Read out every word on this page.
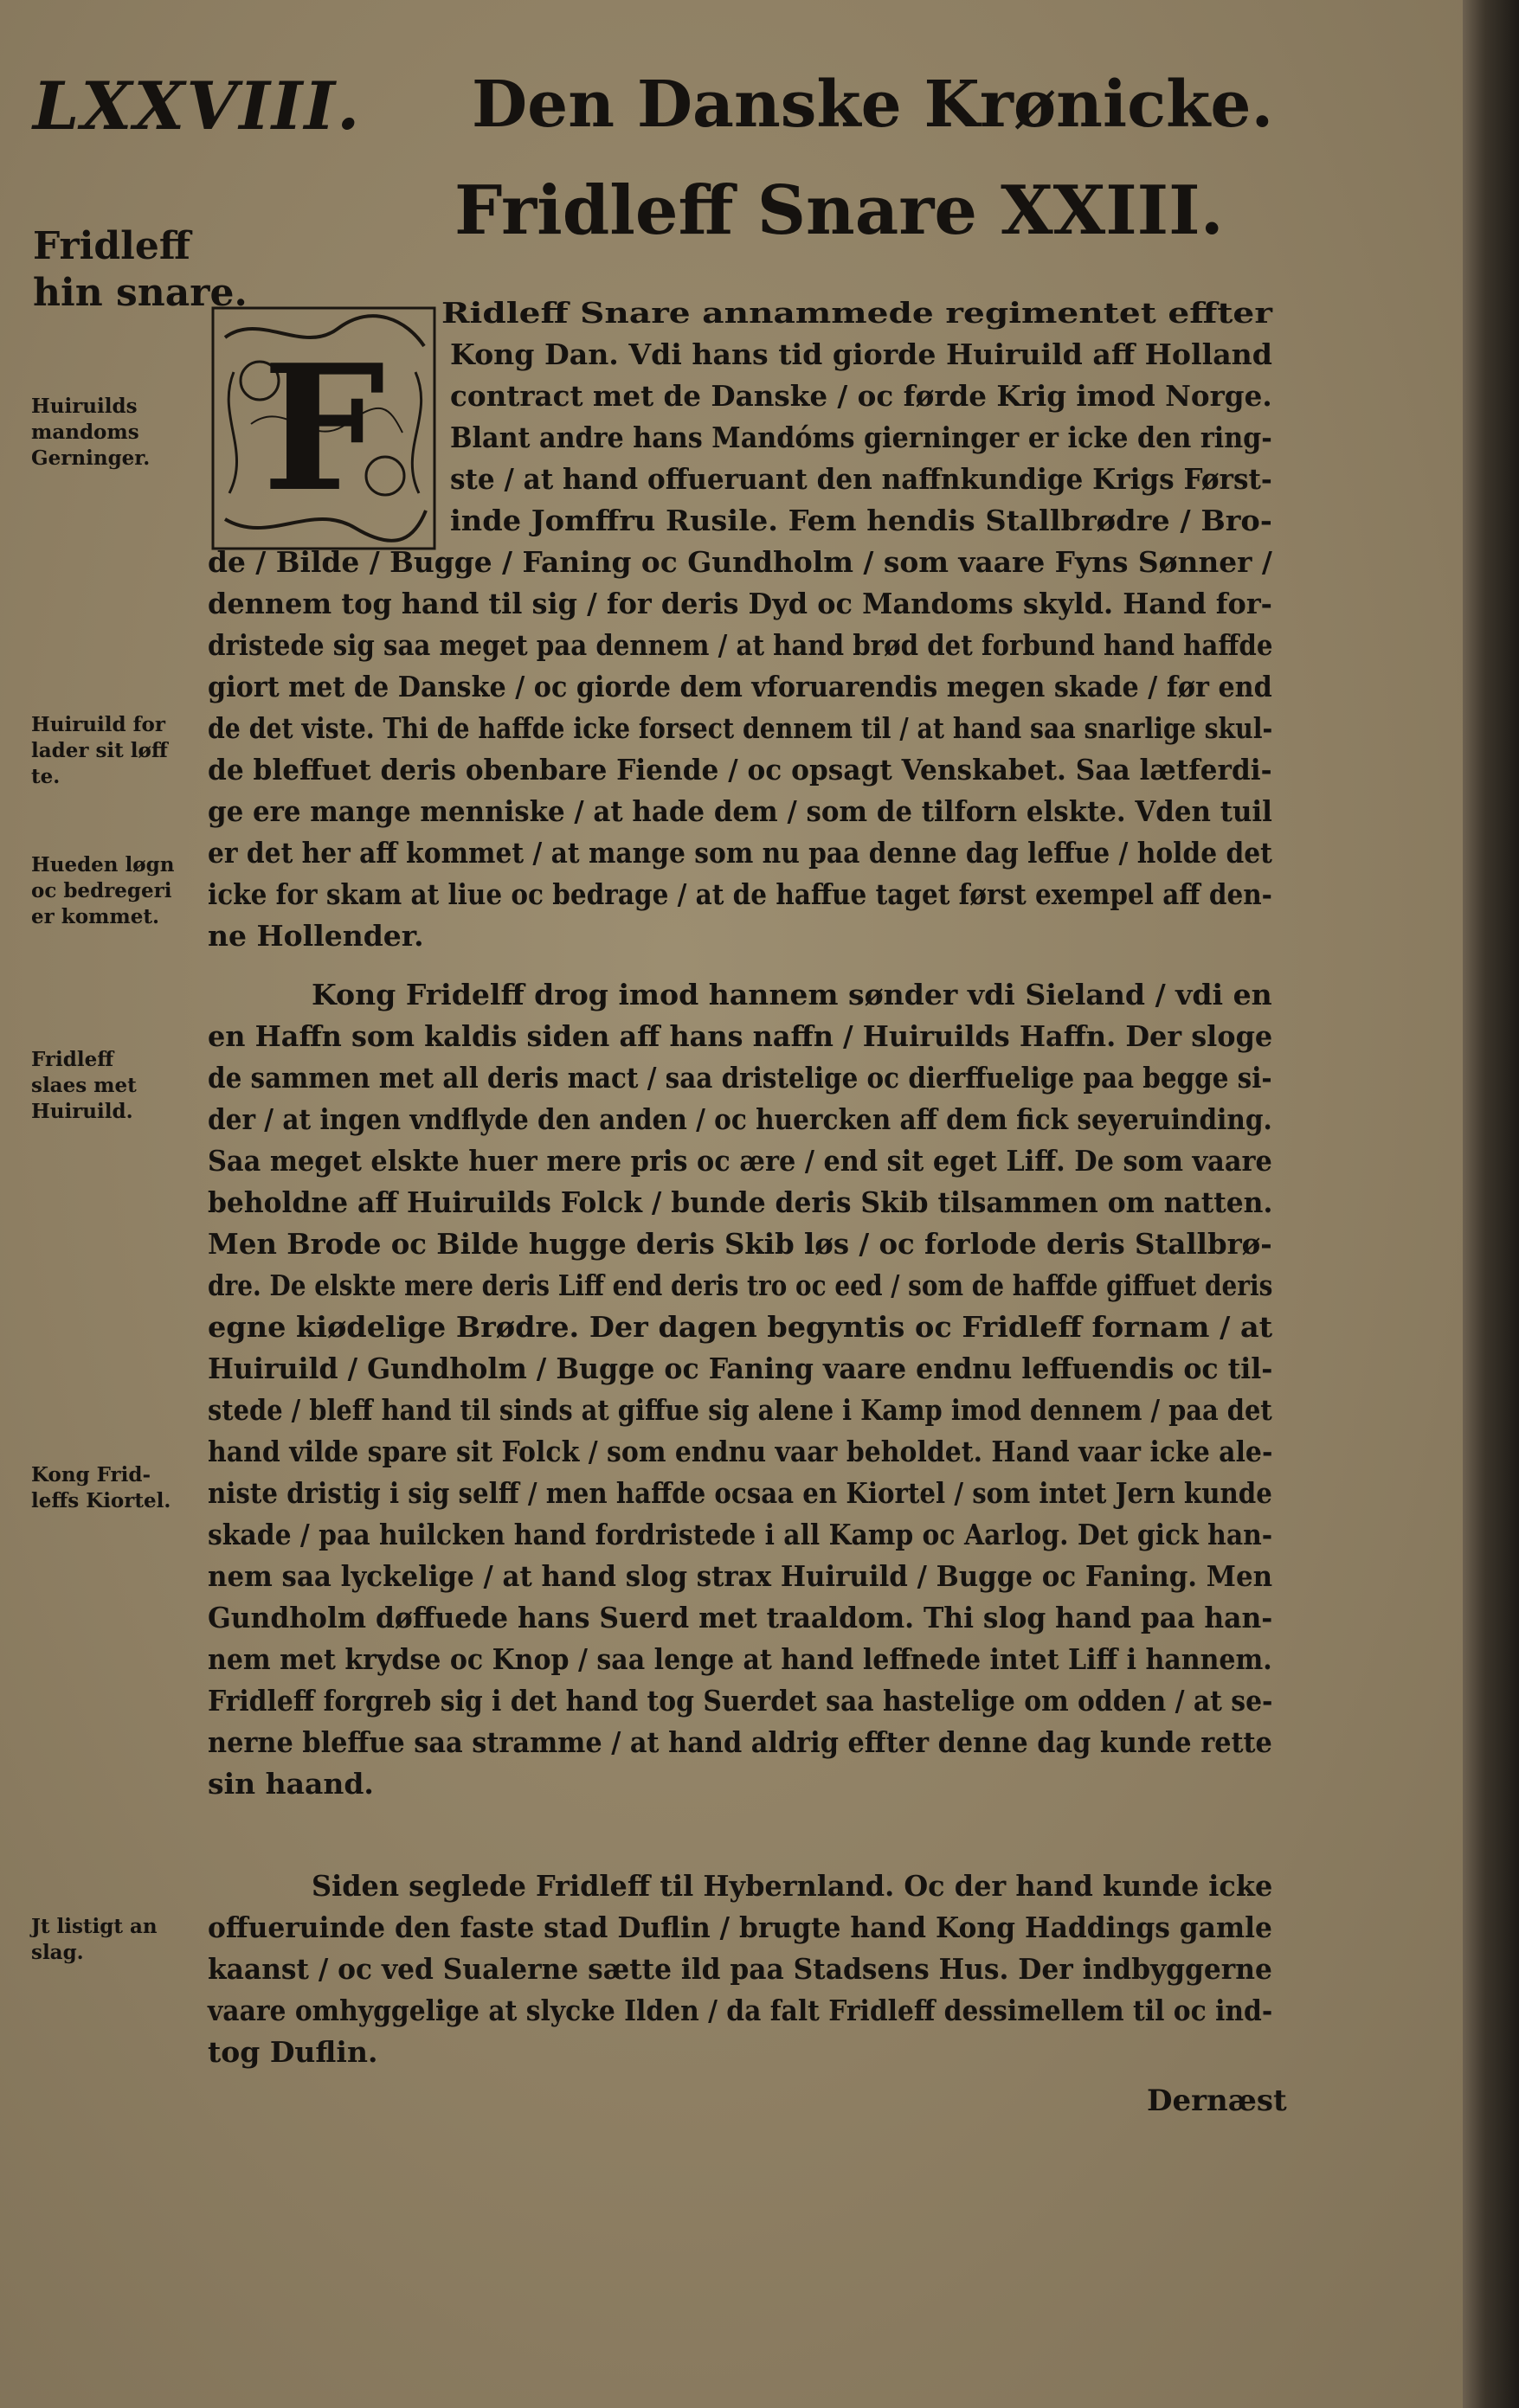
LXXVIII. Den Danske Krønicke.
Fridleff Snare XXIII.
Fridleff
hin snare.
F
Huiruilds
mandoms
Gerninger.
Huiruild for
lader sit løff
te.
Hueden løgn
oc bedregeri
er kommet.
Fridleff
slaes met
Huiruild.
Kong Frid-
leffs Kiortel.
Jt listigt an
slag.
Ridleff Snare annammede regimentet effter
Kong Dan. Vdi hans tid giorde Huiruild aff Holland
contract met de Danske / oc førde Krig imod Norge.
Blant andre hans Mandóms gierninger er icke den ring-
ste / at hand offueruant den naffnkundige Krigs Først-
inde Jomffru Rusile. Fem hendis Stallbrødre / Bro-
de / Bilde / Bugge / Faning oc Gundholm / som vaare Fyns Sønner /
dennem tog hand til sig / for deris Dyd oc Mandoms skyld. Hand for-
dristede sig saa meget paa dennem / at hand brød det forbund hand haffde
giort met de Danske / oc giorde dem vforuarendis megen skade / før end
de det viste. Thi de haffde icke forsect dennem til / at hand saa snarlige skul-
de bleffuet deris obenbare Fiende / oc opsagt Venskabet. Saa lætferdi-
ge ere mange menniske / at hade dem / som de tilforn elskte. Vden tuil
er det her aff kommet / at mange som nu paa denne dag leffue / holde det
icke for skam at liue oc bedrage / at de haffue taget først exempel aff den-
ne Hollender.
Kong Fridelff drog imod hannem sønder vdi Sieland / vdi en
en Haffn som kaldis siden aff hans naffn / Huiruilds Haffn. Der sloge
de sammen met all deris mact / saa dristelige oc dierffuelige paa begge si-
der / at ingen vndflyde den anden / oc huercken aff dem fick seyeruinding.
Saa meget elskte huer mere pris oc ære / end sit eget Liff. De som vaare
beholdne aff Huiruilds Folck / bunde deris Skib tilsammen om natten.
Men Brode oc Bilde hugge deris Skib løs / oc forlode deris Stallbrø-
dre. De elskte mere deris Liff end deris tro oc eed / som de haffde giffuet deris
egne kiødelige Brødre. Der dagen begyntis oc Fridleff fornam / at
Huiruild / Gundholm / Bugge oc Faning vaare endnu leffuendis oc til-
stede / bleff hand til sinds at giffue sig alene i Kamp imod dennem / paa det
hand vilde spare sit Folck / som endnu vaar beholdet. Hand vaar icke ale-
niste dristig i sig selff / men haffde ocsaa en Kiortel / som intet Jern kunde
skade / paa huilcken hand fordristede i all Kamp oc Aarlog. Det gick han-
nem saa lyckelige / at hand slog strax Huiruild / Bugge oc Faning. Men
Gundholm døffuede hans Suerd met traaldom. Thi slog hand paa han-
nem met krydse oc Knop / saa lenge at hand leffnede intet Liff i hannem.
Fridleff forgreb sig i det hand tog Suerdet saa hastelige om odden / at se-
nerne bleffue saa stramme / at hand aldrig effter denne dag kunde rette
sin haand.
Siden seglede Fridleff til Hybernland. Oc der hand kunde icke
offueruinde den faste stad Duflin / brugte hand Kong Haddings gamle
kaanst / oc ved Sualerne sætte ild paa Stadsens Hus. Der indbyggerne
vaare omhyggelige at slycke Ilden / da falt Fridleff dessimellem til oc ind-
tog Duflin.
Dernæst
